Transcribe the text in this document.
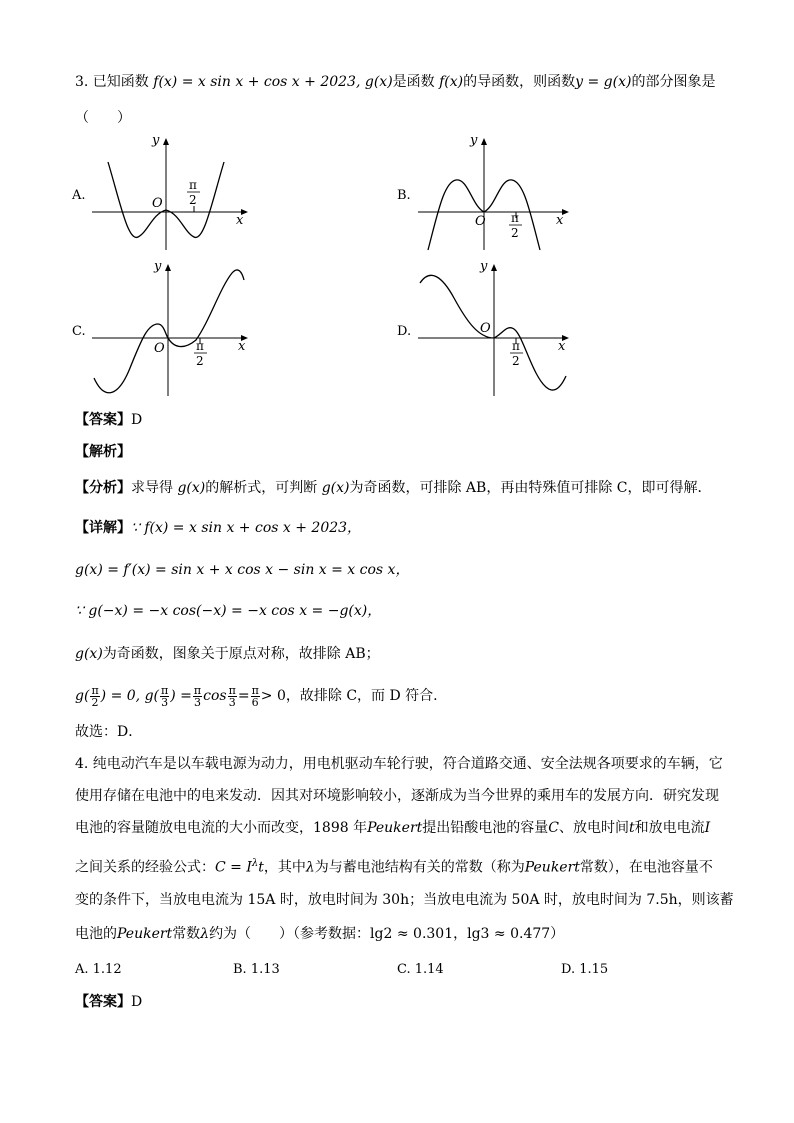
3. 已知函数 f(x) = x sin x + cos x + 2023, g(x)是函数 f(x)的导函数，则函数y = g(x)的部分图象是
（　　）
A.
y
x
O
π
2	B.
y
x
O π
2
C.
y
x
O	π
2
D.
y
x
O
π
2
【答案】D
【解析】
【分析】求导得 g(x)的解析式，可判断 g(x)为奇函数，可排除 AB，再由特殊值可排除 C，即可得解．
【详解】∵ f(x) = x sin x + cos x + 2023，
g(x) = f′(x) = sin x + x cos x − sin x = x cos x，
∵ g(−x) = −x cos(−x) = −x cos x = −g(x)，
g(x)为奇函数，图象关于原点对称，故排除 AB；
$g( \frac{\pi}{2}$ ) = 0, $g( \frac{\pi}{3}$ ) = $\frac{\pi}{3}$ $\cos \frac{\pi}{3} = \frac{\pi}{6} > 0$，故排除 C，而 D 符合.
故选：D．
4. 纯电动汽车是以车载电源为动力，用电机驱动车轮行驶，符合道路交通、安全法规各项要求的车辆，它
使用存储在电池中的电来发动．因其对环境影响较小，逐渐成为当今世界的乘用车的发展方向．研究发现
电池的容量随放电电流的大小而改变，1898 年Peukert提出铅酸电池的容量C、放电时间t和放电电流I
之间关系的经验公式：$C = I^\lambda t$，其中λ为与蓄电池结构有关的常数（称为Peukert常数），在电池容量不
变的条件下，当放电电流为 15A 时，放电时间为 30h；当放电电流为 50A 时，放电时间为 7.5h，则该蓄
电池的Peukert常数λ约为（　　）（参考数据：lg2 ≈ 0.301，lg3 ≈ 0.477）
A. 1.12	B. 1.13	C. 1.14	D. 1.15
【答案】D
